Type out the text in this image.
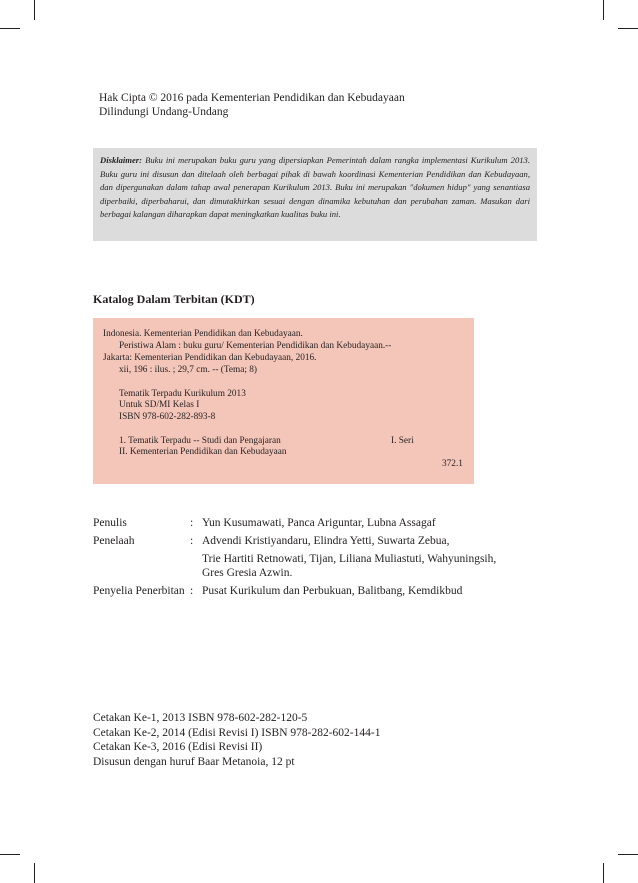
Hak Cipta © 2016 pada Kementerian Pendidikan dan Kebudayaan
Dilindungi Undang-Undang

Disklaimer: Buku ini merupakan buku guru yang dipersiapkan Pemerintah dalam rangka implementasi Kurikulum 2013. Buku guru ini disusun dan ditelaah oleh berbagai pihak di bawah koordinasi Kementerian Pendidikan dan Kebudayaan, dan dipergunakan dalam tahap awal penerapan Kurikulum 2013. Buku ini merupakan "dokumen hidup" yang senantiasa diperbaiki, diperbaharui, dan dimutakhirkan sesuai dengan dinamika kebutuhan dan perubahan zaman. Masukan dari berbagai kalangan diharapkan dapat meningkatkan kualitas buku ini.

Katalog Dalam Terbitan (KDT)
Indonesia. Kementerian Pendidikan dan Kebudayaan.
Peristiwa Alam : buku guru/ Kementerian Pendidikan dan Kebudayaan.--
Jakarta: Kementerian Pendidikan dan Kebudayaan, 2016.
xii, 196 : ilus. ; 29,7 cm. -- (Tema; 8)
Tematik Terpadu Kurikulum 2013
Untuk SD/MI Kelas I
ISBN 978-602-282-893-8
1. Tematik Terpadu -- Studi dan Pengajaran	I. Seri
II. Kementerian Pendidikan dan Kebudayaan
372.1
Penulis	: Yun Kusumawati, Panca Ariguntar, Lubna Assagaf
Penelaah	: Advendi Kristiyandaru, Elindra Yetti, Suwarta Zebua,
Trie Hartiti Retnowati, Tijan, Liliana Muliastuti, Wahyuningsih,
Gres Gresia Azwin.
Penyelia Penerbitan : Pusat Kurikulum dan Perbukuan, Balitbang, Kemdikbud
Cetakan Ke-1, 2013 ISBN 978-602-282-120-5
Cetakan Ke-2, 2014 (Edisi Revisi I) ISBN 978-282-602-144-1
Cetakan Ke-3, 2016 (Edisi Revisi II)
Disusun dengan huruf Baar Metanoia, 12 pt
